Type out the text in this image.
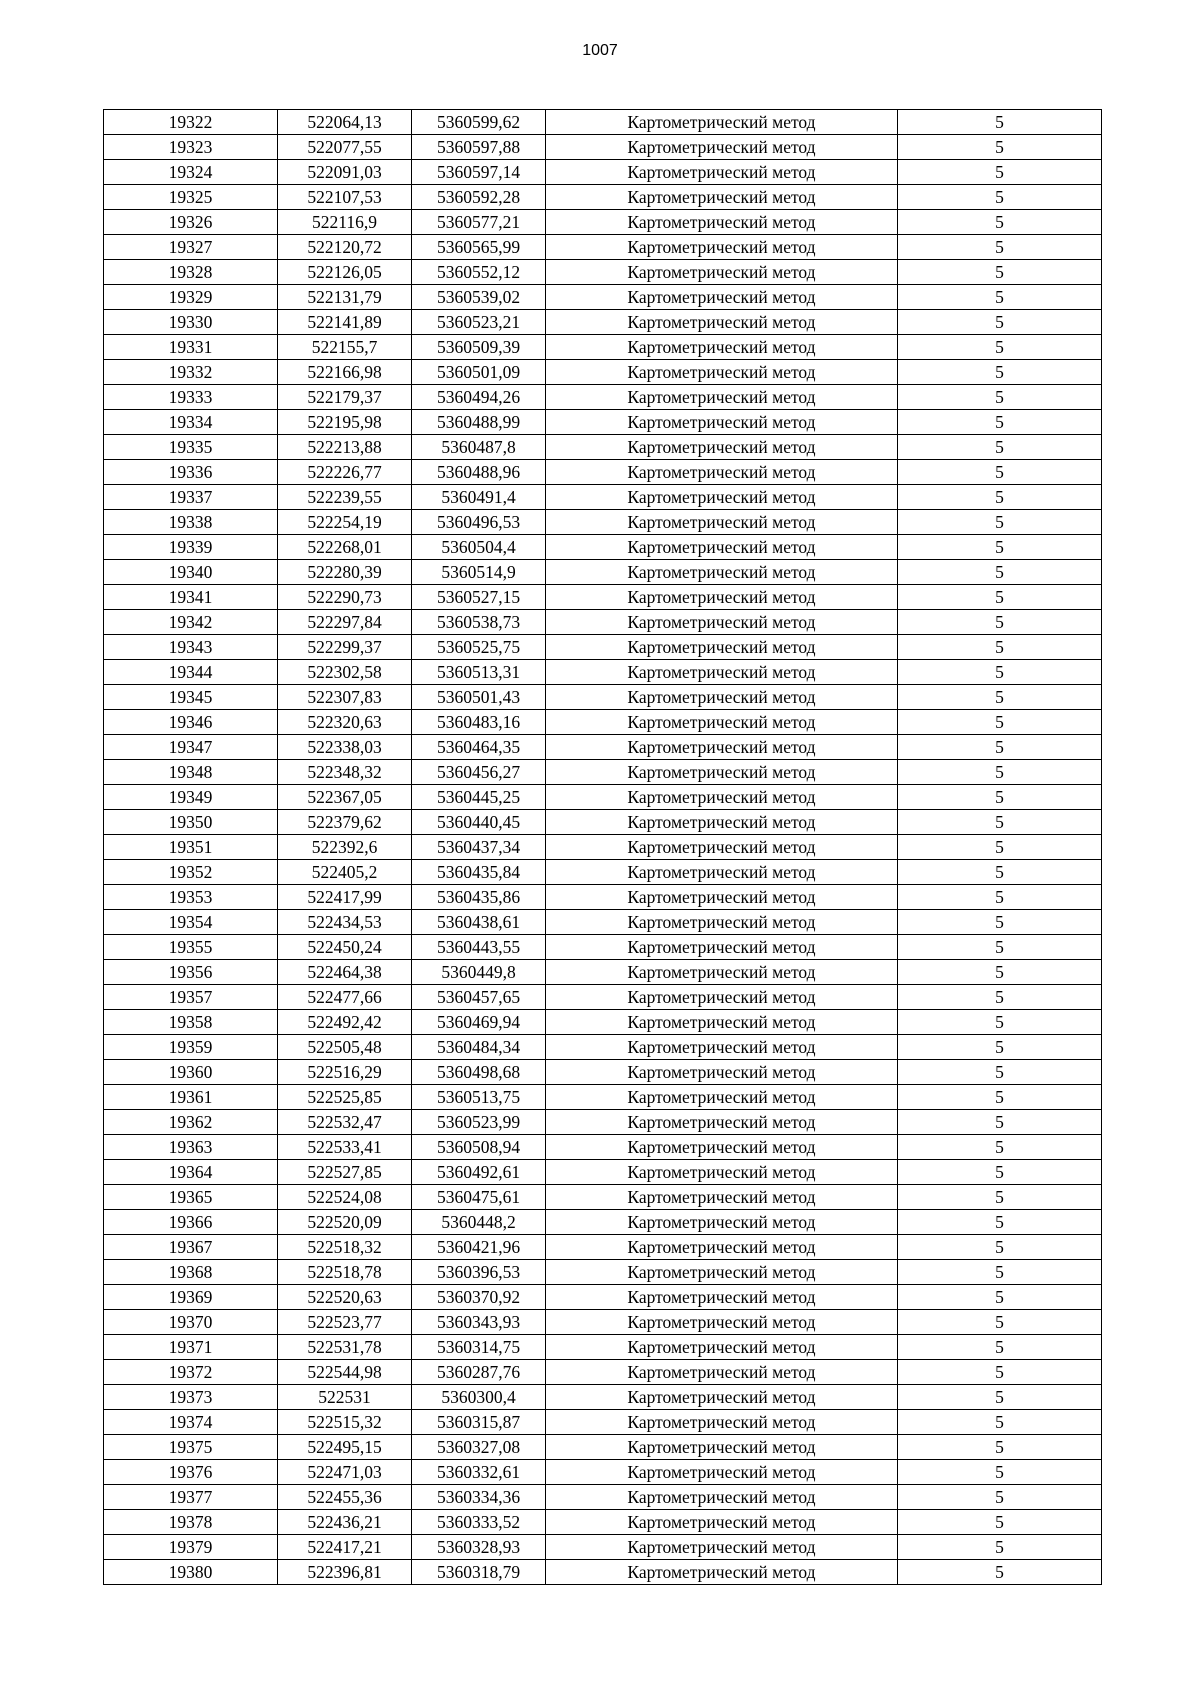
1007
19322	522064,13	5360599,62	Картометрический метод	5
19323	522077,55	5360597,88	Картометрический метод	5
19324	522091,03	5360597,14	Картометрический метод	5
19325	522107,53	5360592,28	Картометрический метод	5
19326	522116,9	5360577,21	Картометрический метод	5
19327	522120,72	5360565,99	Картометрический метод	5
19328	522126,05	5360552,12	Картометрический метод	5
19329	522131,79	5360539,02	Картометрический метод	5
19330	522141,89	5360523,21	Картометрический метод	5
19331	522155,7	5360509,39	Картометрический метод	5
19332	522166,98	5360501,09	Картометрический метод	5
19333	522179,37	5360494,26	Картометрический метод	5
19334	522195,98	5360488,99	Картометрический метод	5
19335	522213,88	5360487,8	Картометрический метод	5
19336	522226,77	5360488,96	Картометрический метод	5
19337	522239,55	5360491,4	Картометрический метод	5
19338	522254,19	5360496,53	Картометрический метод	5
19339	522268,01	5360504,4	Картометрический метод	5
19340	522280,39	5360514,9	Картометрический метод	5
19341	522290,73	5360527,15	Картометрический метод	5
19342	522297,84	5360538,73	Картометрический метод	5
19343	522299,37	5360525,75	Картометрический метод	5
19344	522302,58	5360513,31	Картометрический метод	5
19345	522307,83	5360501,43	Картометрический метод	5
19346	522320,63	5360483,16	Картометрический метод	5
19347	522338,03	5360464,35	Картометрический метод	5
19348	522348,32	5360456,27	Картометрический метод	5
19349	522367,05	5360445,25	Картометрический метод	5
19350	522379,62	5360440,45	Картометрический метод	5
19351	522392,6	5360437,34	Картометрический метод	5
19352	522405,2	5360435,84	Картометрический метод	5
19353	522417,99	5360435,86	Картометрический метод	5
19354	522434,53	5360438,61	Картометрический метод	5
19355	522450,24	5360443,55	Картометрический метод	5
19356	522464,38	5360449,8	Картометрический метод	5
19357	522477,66	5360457,65	Картометрический метод	5
19358	522492,42	5360469,94	Картометрический метод	5
19359	522505,48	5360484,34	Картометрический метод	5
19360	522516,29	5360498,68	Картометрический метод	5
19361	522525,85	5360513,75	Картометрический метод	5
19362	522532,47	5360523,99	Картометрический метод	5
19363	522533,41	5360508,94	Картометрический метод	5
19364	522527,85	5360492,61	Картометрический метод	5
19365	522524,08	5360475,61	Картометрический метод	5
19366	522520,09	5360448,2	Картометрический метод	5
19367	522518,32	5360421,96	Картометрический метод	5
19368	522518,78	5360396,53	Картометрический метод	5
19369	522520,63	5360370,92	Картометрический метод	5
19370	522523,77	5360343,93	Картометрический метод	5
19371	522531,78	5360314,75	Картометрический метод	5
19372	522544,98	5360287,76	Картометрический метод	5
19373	522531	5360300,4	Картометрический метод	5
19374	522515,32	5360315,87	Картометрический метод	5
19375	522495,15	5360327,08	Картометрический метод	5
19376	522471,03	5360332,61	Картометрический метод	5
19377	522455,36	5360334,36	Картометрический метод	5
19378	522436,21	5360333,52	Картометрический метод	5
19379	522417,21	5360328,93	Картометрический метод	5
19380	522396,81	5360318,79	Картометрический метод	5
